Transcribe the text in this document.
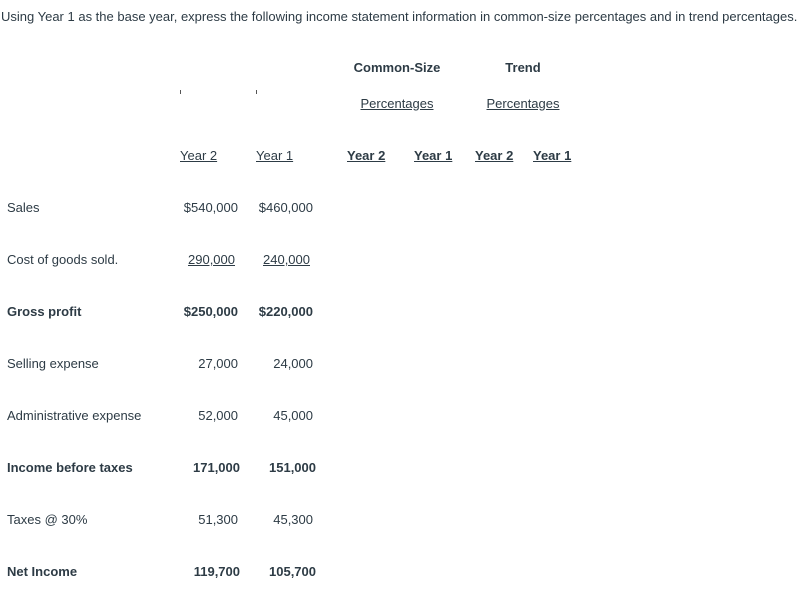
Using Year 1 as the base year, express the following income statement information in common-size percentages and in trend percentages.
Common-Size
Percentages
Trend
Percentages
Year 2	Year 1	Year 2 Year 1 Year 2 Year 1
Sales	$540,000	$460,000
Cost of goods sold.	290,000	240,000
Gross profit	$250,000	$220,000
Selling expense	27,000	24,000
Administrative expense	52,000	45,000
Income before taxes	171,000	151,000
Taxes @ 30%	51,300	45,300
Net Income	119,700	105,700
